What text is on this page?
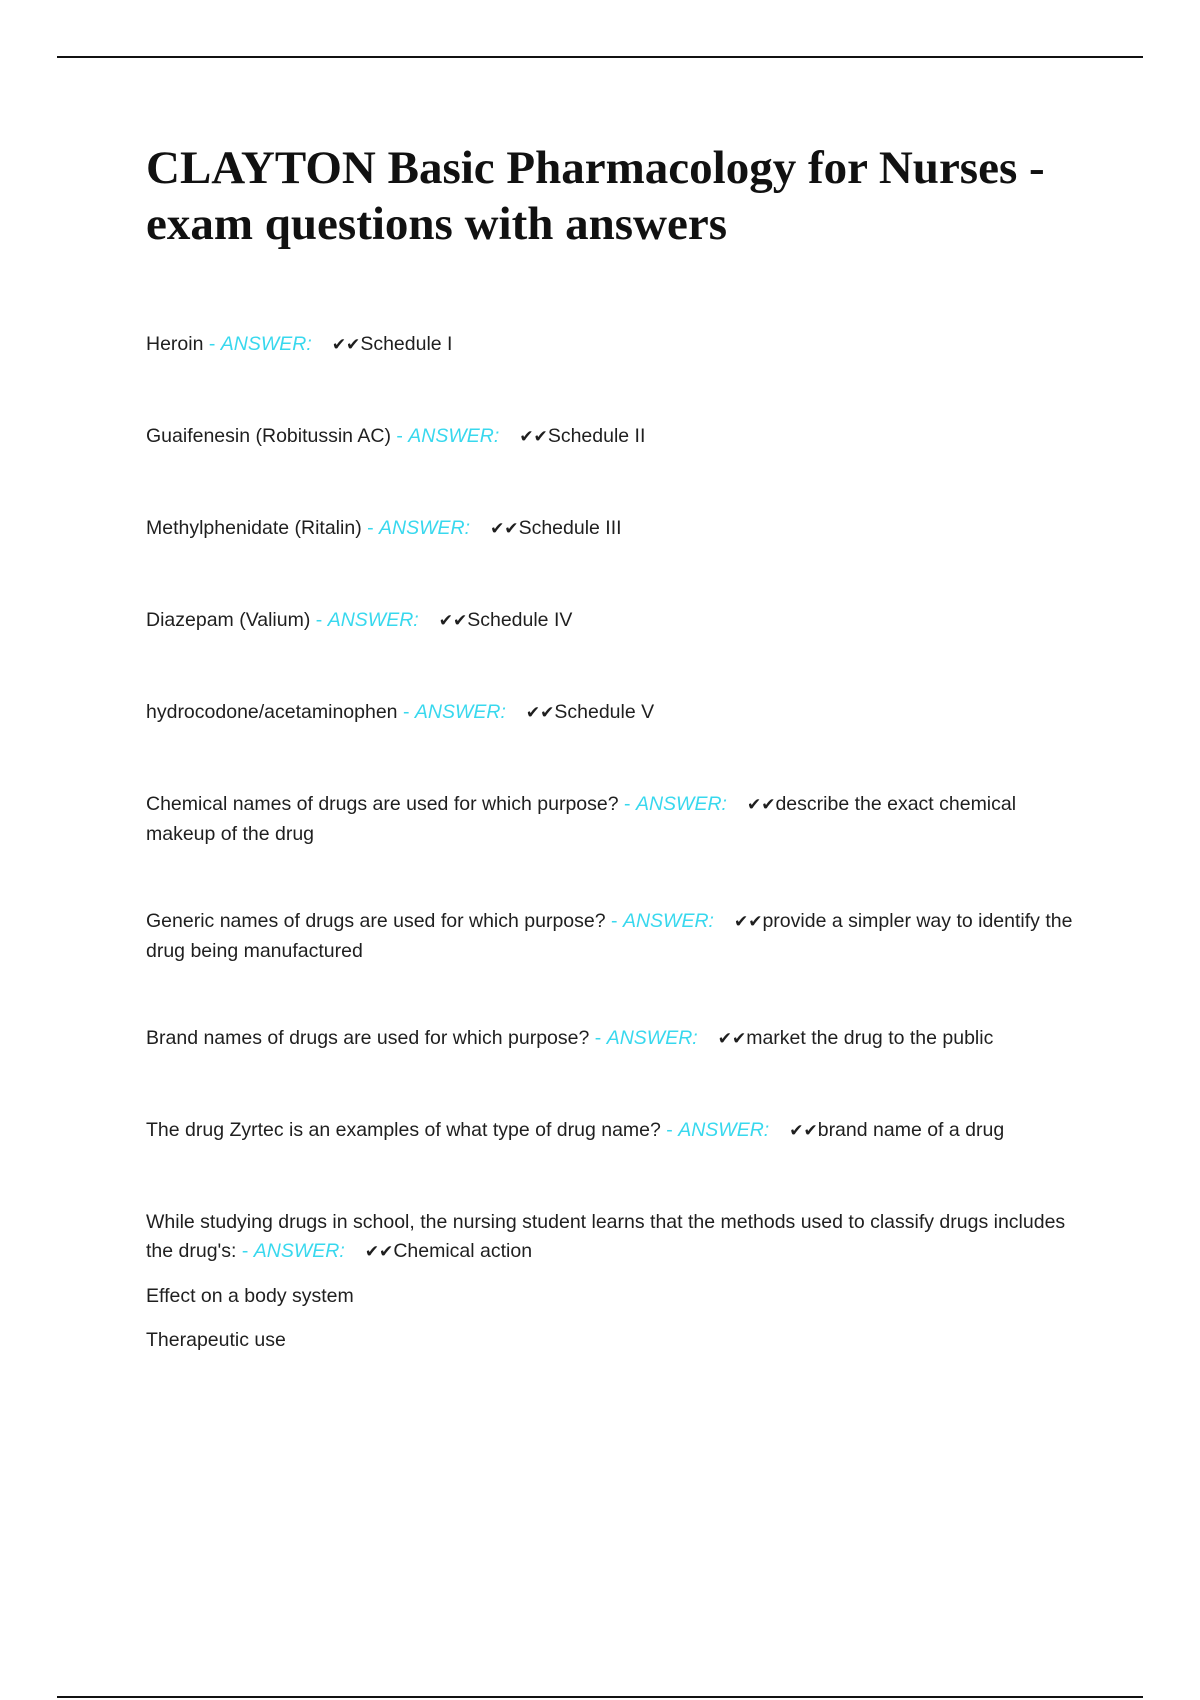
CLAYTON Basic Pharmacology for Nurses - exam questions with answers
Heroin - ANSWER: ✔✔Schedule I
Guaifenesin (Robitussin AC) - ANSWER: ✔✔Schedule II
Methylphenidate (Ritalin) - ANSWER: ✔✔Schedule III
Diazepam (Valium) - ANSWER: ✔✔Schedule IV
hydrocodone/acetaminophen - ANSWER: ✔✔Schedule V
Chemical names of drugs are used for which purpose? - ANSWER: ✔✔describe the exact chemical makeup of the drug
Generic names of drugs are used for which purpose? - ANSWER: ✔✔provide a simpler way to identify the drug being manufactured
Brand names of drugs are used for which purpose? - ANSWER: ✔✔market the drug to the public
The drug Zyrtec is an examples of what type of drug name? - ANSWER: ✔✔brand name of a drug
While studying drugs in school, the nursing student learns that the methods used to classify drugs includes the drug's: - ANSWER: ✔✔Chemical action
Effect on a body system
Therapeutic use
